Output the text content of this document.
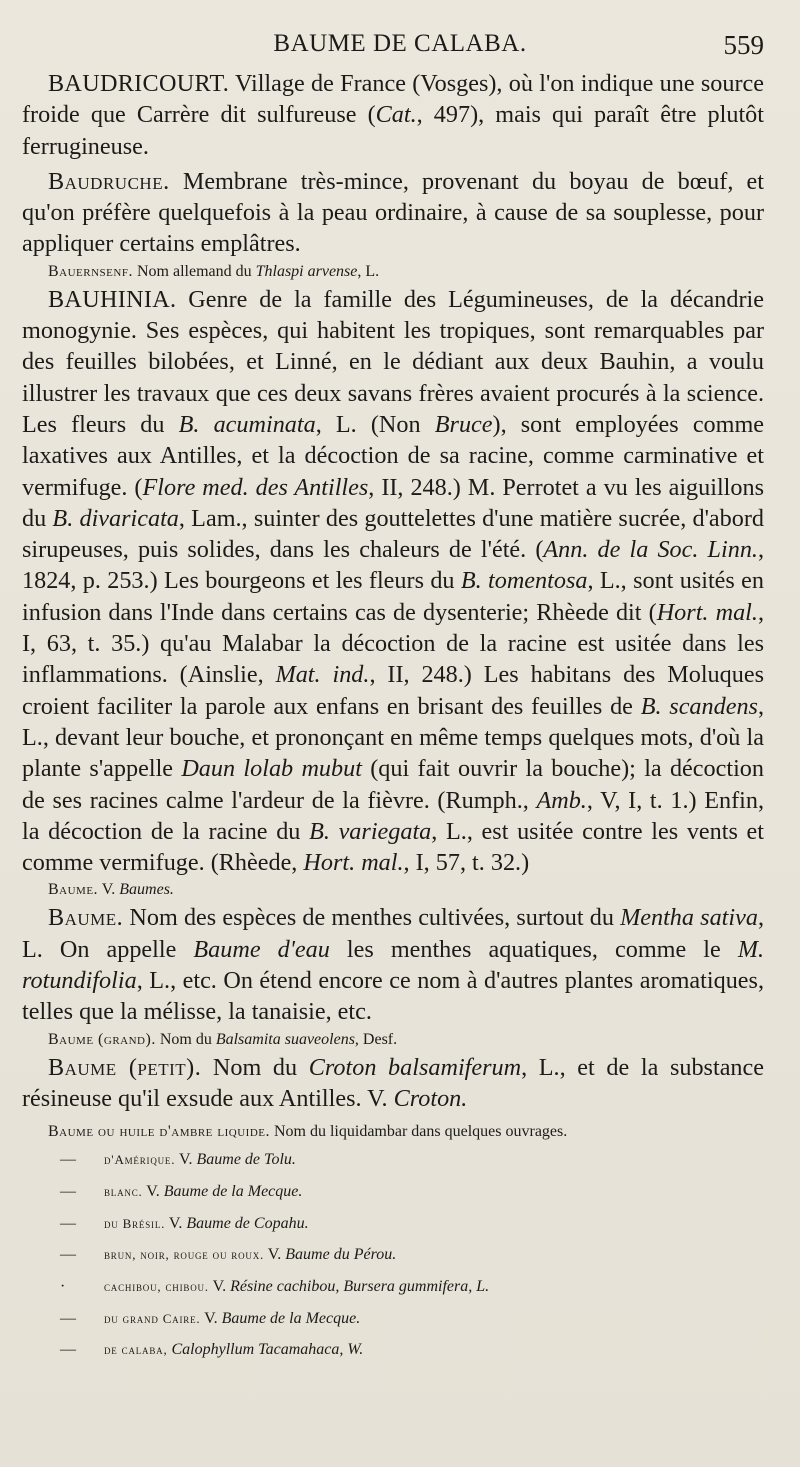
BAUME DE CALABA.	559

BAUDRICOURT. Village de France (Vosges), où l'on indique une source froide que Carrère dit sulfureuse (Cat., 497), mais qui paraît être plutôt ferrugineuse.

Baudruche. Membrane très-mince, provenant du boyau de bœuf, et qu'on préfère quelquefois à la peau ordinaire, à cause de sa souplesse, pour appliquer certains emplâtres.

Bauernsenf. Nom allemand du Thlaspi arvense, L.

BAUHINIA. Genre de la famille des Légumineuses, de la décandrie monogynie. Ses espèces, qui habitent les tropiques, sont remarquables par des feuilles bilobées, et Linné, en le dédiant aux deux Bauhin, a voulu illustrer les travaux que ces deux savans frères avaient procurés à la science. Les fleurs du B. acuminata, L. (Non Bruce), sont employées comme laxatives aux Antilles, et la décoction de sa racine, comme carminative et vermifuge. (Flore med. des Antilles, II, 248.) M. Perrotet a vu les aiguillons du B. divaricata, Lam., suinter des gouttelettes d'une matière sucrée, d'abord sirupeuses, puis solides, dans les chaleurs de l'été. (Ann. de la Soc. Linn., 1824, p. 253.) Les bourgeons et les fleurs du B. tomentosa, L., sont usités en infusion dans l'Inde dans certains cas de dysenterie; Rhèede dit (Hort. mal., I, 63, t. 35.) qu'au Malabar la décoction de la racine est usitée dans les inflammations. (Ainslie, Mat. ind., II, 248.) Les habitans des Moluques croient faciliter la parole aux enfans en brisant des feuilles de B. scandens, L., devant leur bouche, et prononçant en même temps quelques mots, d'où la plante s'appelle Daun lolab mubut (qui fait ouvrir la bouche); la décoction de ses racines calme l'ardeur de la fièvre. (Rumph., Amb., V, I, t. 1.) Enfin, la décoction de la racine du B. variegata, L., est usitée contre les vents et comme vermifuge. (Rhèede, Hort. mal., I, 57, t. 32.)

Baume. V. Baumes.

Baume. Nom des espèces de menthes cultivées, surtout du Mentha sativa, L. On appelle Baume d'eau les menthes aquatiques, comme le M. rotundifolia, L., etc. On étend encore ce nom à d'autres plantes aromatiques, telles que la mélisse, la tanaisie, etc.

Baume (grand). Nom du Balsamita suaveolens, Desf.

Baume (petit). Nom du Croton balsamiferum, L., et de la substance résineuse qu'il exsude aux Antilles. V. Croton.

Baume ou huile d'ambre liquide. Nom du liquidambar dans quelques ouvrages.

— d'Amérique. V. Baume de Tolu.

— blanc. V. Baume de la Mecque.

— du Brésil. V. Baume de Copahu.

— brun, noir, rouge ou roux. V. Baume du Pérou.

·	cachibou, chibou. V. Résine cachibou, Bursera gummifera, L.

— du grand Caire. V. Baume de la Mecque.

— de calaba, Calophyllum Tacamahaca, W.
